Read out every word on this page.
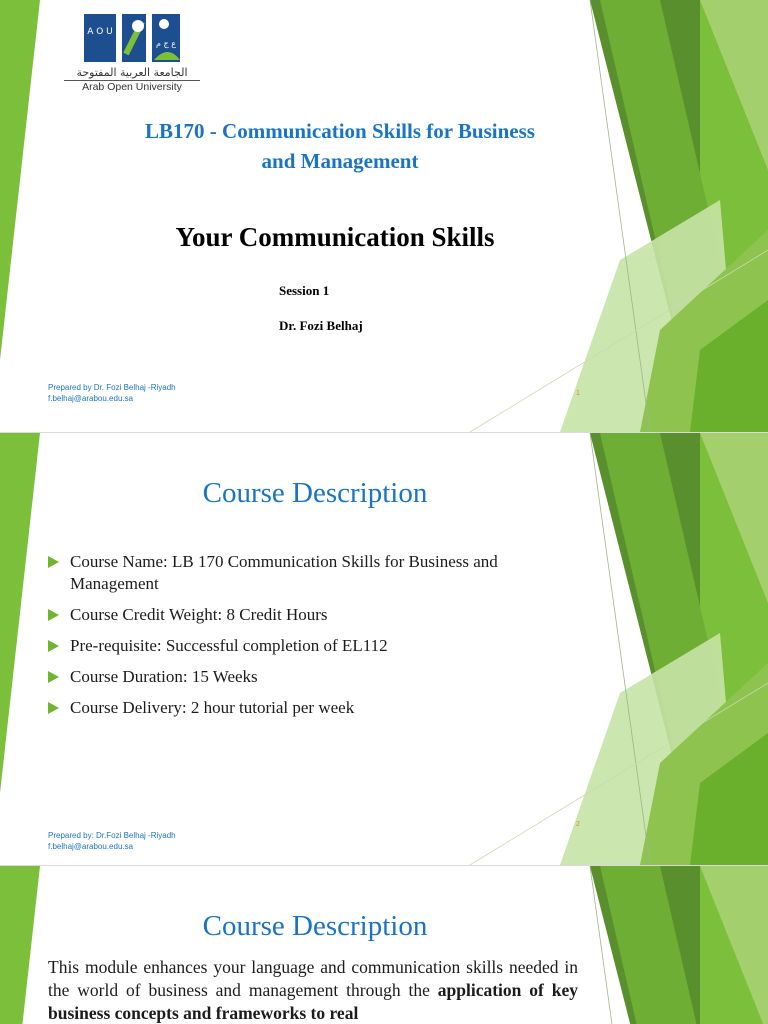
A O U
ع ج م
الجامعة العربية المفتوحة
Arab Open University
LB170 - Communication Skills for Business
and Management
Your Communication Skills
Session 1
Dr. Fozi Belhaj
Prepared by Dr. Fozi Belhaj -Riyadh
f.belhaj@arabou.edu.sa
1
Course Description
Course Name: LB 170 Communication Skills for Business and Management
Course Credit Weight: 8 Credit Hours
Pre-requisite: Successful completion of EL112
Course Duration: 15 Weeks
Course Delivery: 2 hour tutorial per week
Prepared by: Dr.Fozi Belhaj -Riyadh
f.belhaj@arabou.edu.sa
2
Course Description
This module enhances your language and communication skills needed in the world of business and management through the application of key business concepts and frameworks to real
